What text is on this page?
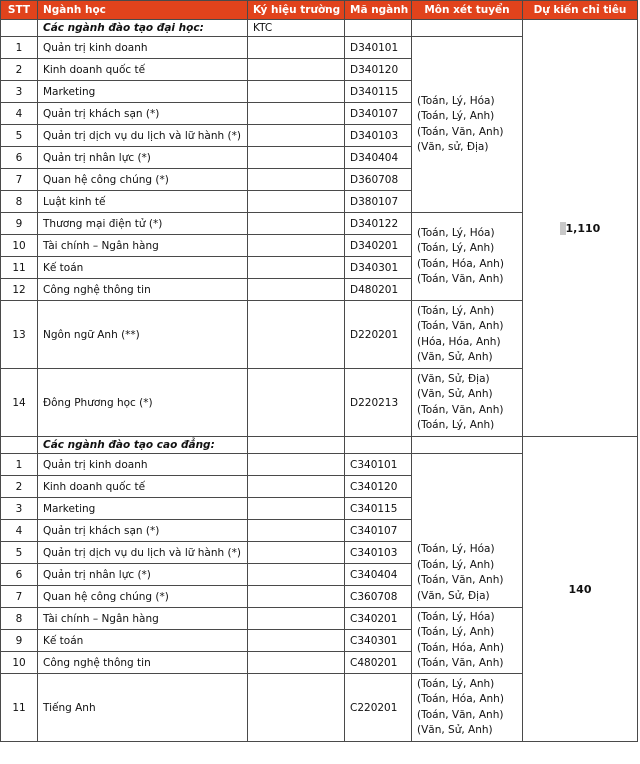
STT	Ngành học	Ký hiệu trường	Mã ngành	Môn xét tuyển	Dự kiến chỉ tiêu
	Các ngành đào tạo đại học:	KTC			1,110
1	Quản trị kinh doanh		D340101	(Toán, Lý, Hóa)
(Toán, Lý, Anh)
(Toán, Văn, Anh)
(Văn, sử, Địa)	

2	Kinh doanh quốc tế		D340120		
3	Marketing		D340115		
4	Quản trị khách sạn (*)		D340107		
5	Quản trị dịch vụ du lịch và lữ hành (*)		D340103		
6	Quản trị nhân lực (*)		D340404		
7	Quan hệ công chúng (*)		D360708		
8	Luật kinh tế		D380107		
9	Thương mại điện tử (*)		D340122	(Toán, Lý, Hóa)
(Toán, Lý, Anh)
(Toán, Hóa, Anh)
(Toán, Văn, Anh)	

10	Tài chính – Ngân hàng		D340201		
11	Kế toán		D340301		
12	Công nghệ thông tin		D480201		
13	Ngôn ngữ Anh (**)		D220201	(Toán, Lý, Anh)
(Toán, Văn, Anh)
(Hóa, Hóa, Anh)
(Văn, Sử, Anh)	

14	Đông Phương học (*)		D220213	(Văn, Sử, Địa)
(Văn, Sử, Anh)
(Toán, Văn, Anh)
(Toán, Lý, Anh)	

	Các ngành đào tạo cao đẳng:				140
1	Quản trị kinh doanh		C340101	(Toán, Lý, Hóa)
(Toán, Lý, Anh)
(Toán, Văn, Anh)
(Văn, Sử, Địa)	

2	Kinh doanh quốc tế		C340120		
3	Marketing		C340115		
4	Quản trị khách sạn (*)		C340107		
5	Quản trị dịch vụ du lịch và lữ hành (*)		C340103		
6	Quản trị nhân lực (*)		C340404		
7	Quan hệ công chúng (*)		C360708		
8	Tài chính – Ngân hàng		C340201	(Toán, Lý, Hóa)
(Toán, Lý, Anh)
(Toán, Hóa, Anh)
(Toán, Văn, Anh)	

9	Kế toán		C340301		
10	Công nghệ thông tin		C480201		
11	Tiếng Anh		C220201	(Toán, Lý, Anh)
(Toán, Hóa, Anh)
(Toán, Văn, Anh)
(Văn, Sử, Anh)	
